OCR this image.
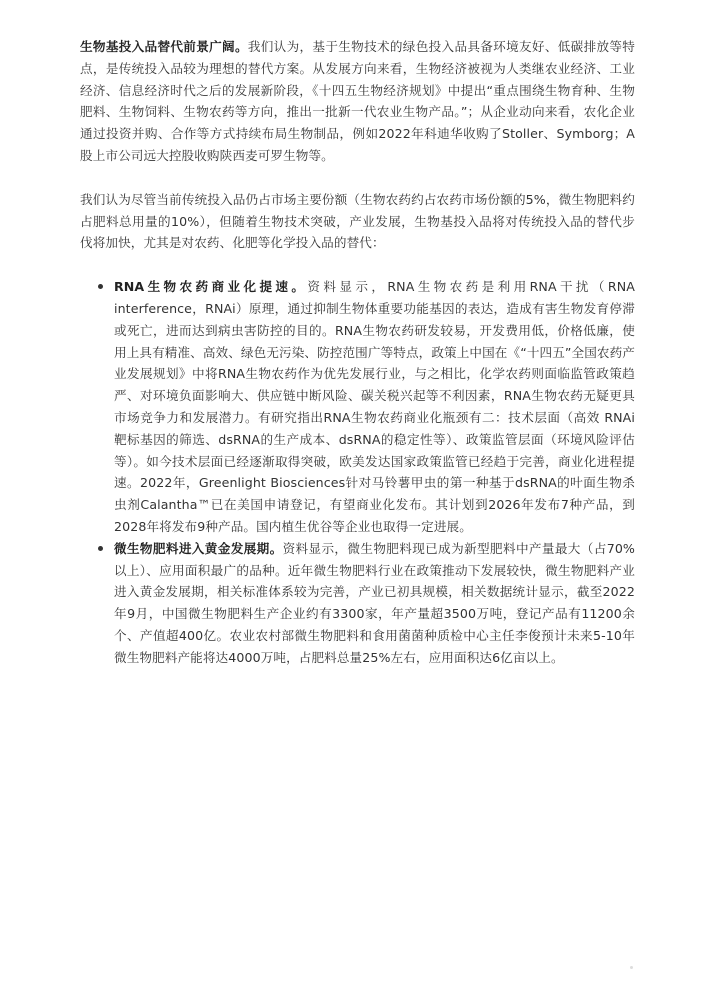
生物基投入品替代前景广阔。我们认为，基于生物技术的绿色投入品具备环境友好、低碳排放等特点，是传统投入品较为理想的替代方案。从发展方向来看，生物经济被视为人类继农业经济、工业经济、信息经济时代之后的发展新阶段，《十四五生物经济规划》中提出“重点围绕生物育种、生物肥料、生物饲料、生物农药等方向，推出一批新一代农业生物产品。”；从企业动向来看，农化企业通过投资并购、合作等方式持续布局生物制品，例如2022年科迪华收购了Stoller、Symborg；A股上市公司远大控股收购陕西麦可罗生物等。

我们认为尽管当前传统投入品仍占市场主要份额（生物农药约占农药市场份额的5%，微生物肥料约占肥料总用量的10%），但随着生物技术突破，产业发展，生物基投入品将对传统投入品的替代步伐将加快，尤其是对农药、化肥等化学投入品的替代：

RNA生物农药商业化提速。资料显示，RNA生物农药是利用RNA干扰（RNA interference，RNAi）原理，通过抑制生物体重要功能基因的表达，造成有害生物发育停滞或死亡，进而达到病虫害防控的目的。RNA生物农药研发较易，开发费用低，价格低廉，使用上具有精准、高效、绿色无污染、防控范围广等特点，政策上中国在《“十四五”全国农药产业发展规划》中将RNA生物农药作为优先发展行业，与之相比，化学农药则面临监管政策趋严、对环境负面影响大、供应链中断风险、碳关税兴起等不利因素，RNA生物农药无疑更具市场竞争力和发展潜力。有研究指出RNA生物农药商业化瓶颈有二：技术层面（高效 RNAi 靶标基因的筛选、dsRNA的生产成本、dsRNA的稳定性等）、政策监管层面（环境风险评估等）。如今技术层面已经逐渐取得突破，欧美发达国家政策监管已经趋于完善，商业化进程提速。2022年，Greenlight Biosciences针对马铃薯甲虫的第一种基于dsRNA的叶面生物杀虫剂Calantha™已在美国申请登记，有望商业化发布。其计划到2026年发布7种产品，到2028年将发布9种产品。国内植生优谷等企业也取得一定进展。
微生物肥料进入黄金发展期。资料显示，微生物肥料现已成为新型肥料中产量最大（占70%以上）、应用面积最广的品种。近年微生物肥料行业在政策推动下发展较快，微生物肥料产业进入黄金发展期，相关标准体系较为完善，产业已初具规模，相关数据统计显示，截至2022年9月，中国微生物肥料生产企业约有3300家，年产量超3500万吨，登记产品有11200余个、产值超400亿。农业农村部微生物肥料和食用菌菌种质检中心主任李俊预计未来5-10年微生物肥料产能将达4000万吨，占肥料总量25%左右，应用面积达6亿亩以上。
